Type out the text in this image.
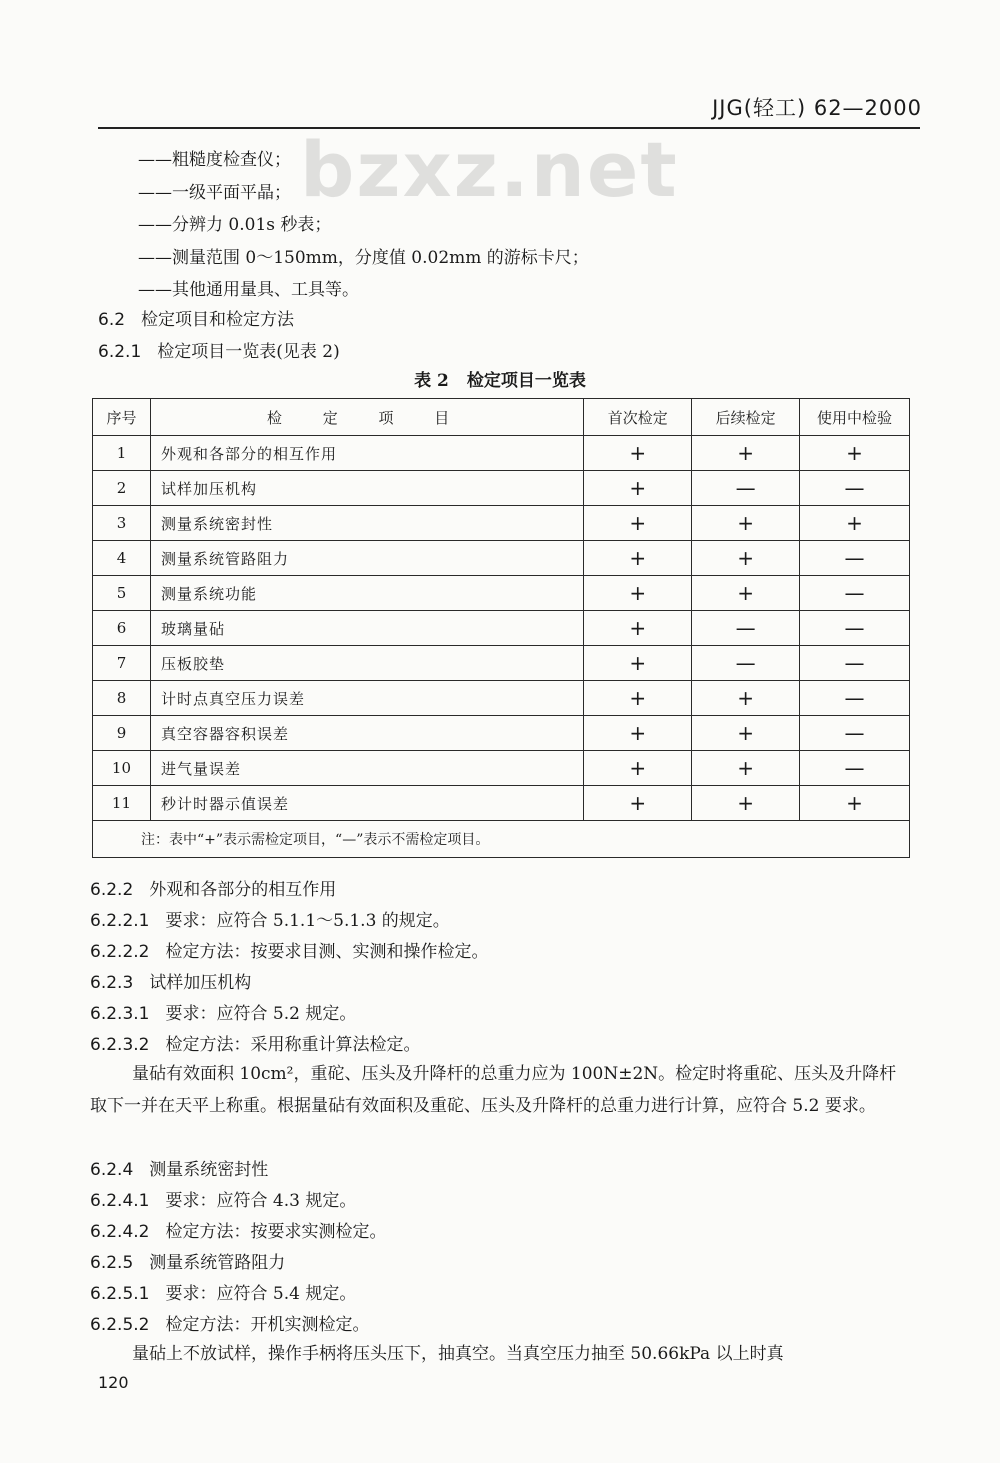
JJG(轻工) 62—2000
bzxz.net
——粗糙度检查仪；
——一级平面平晶；
——分辨力 0.01s 秒表；
——测量范围 0～150mm，分度值 0.02mm 的游标卡尺；
——其他通用量具、工具等。
6.2 检定项目和检定方法
6.2.1 检定项目一览表(见表 2)
表 2 检定项目一览表
序号	检 定 项 目	首次检定	后续检定	使用中检验
1	外观和各部分的相互作用	+	+	+
2	试样加压机构	+	—	—
3	测量系统密封性	+	+	+
4	测量系统管路阻力	+	+	—
5	测量系统功能	+	+	—
6	玻璃量砧	+	—	—
7	压板胶垫	+	—	—
8	计时点真空压力误差	+	+	—
9	真空容器容积误差	+	+	—
10	进气量误差	+	+	—
11	秒计时器示值误差	+	+	+
注：表中“+”表示需检定项目，“—”表示不需检定项目。				
6.2.2 外观和各部分的相互作用
6.2.2.1 要求：应符合 5.1.1～5.1.3 的规定。
6.2.2.2 检定方法：按要求目测、实测和操作检定。
6.2.3 试样加压机构
6.2.3.1 要求：应符合 5.2 规定。
6.2.3.2 检定方法：采用称重计算法检定。
量砧有效面积 10cm²，重砣、压头及升降杆的总重力应为 100N±2N。检定时将重砣、压头及升降杆取下一并在天平上称重。根据量砧有效面积及重砣、压头及升降杆的总重力进行计算，应符合 5.2 要求。
6.2.4 测量系统密封性
6.2.4.1 要求：应符合 4.3 规定。
6.2.4.2 检定方法：按要求实测检定。
6.2.5 测量系统管路阻力
6.2.5.1 要求：应符合 5.4 规定。
6.2.5.2 检定方法：开机实测检定。
量砧上不放试样，操作手柄将压头压下，抽真空。当真空压力抽至 50.66kPa 以上时真
120
